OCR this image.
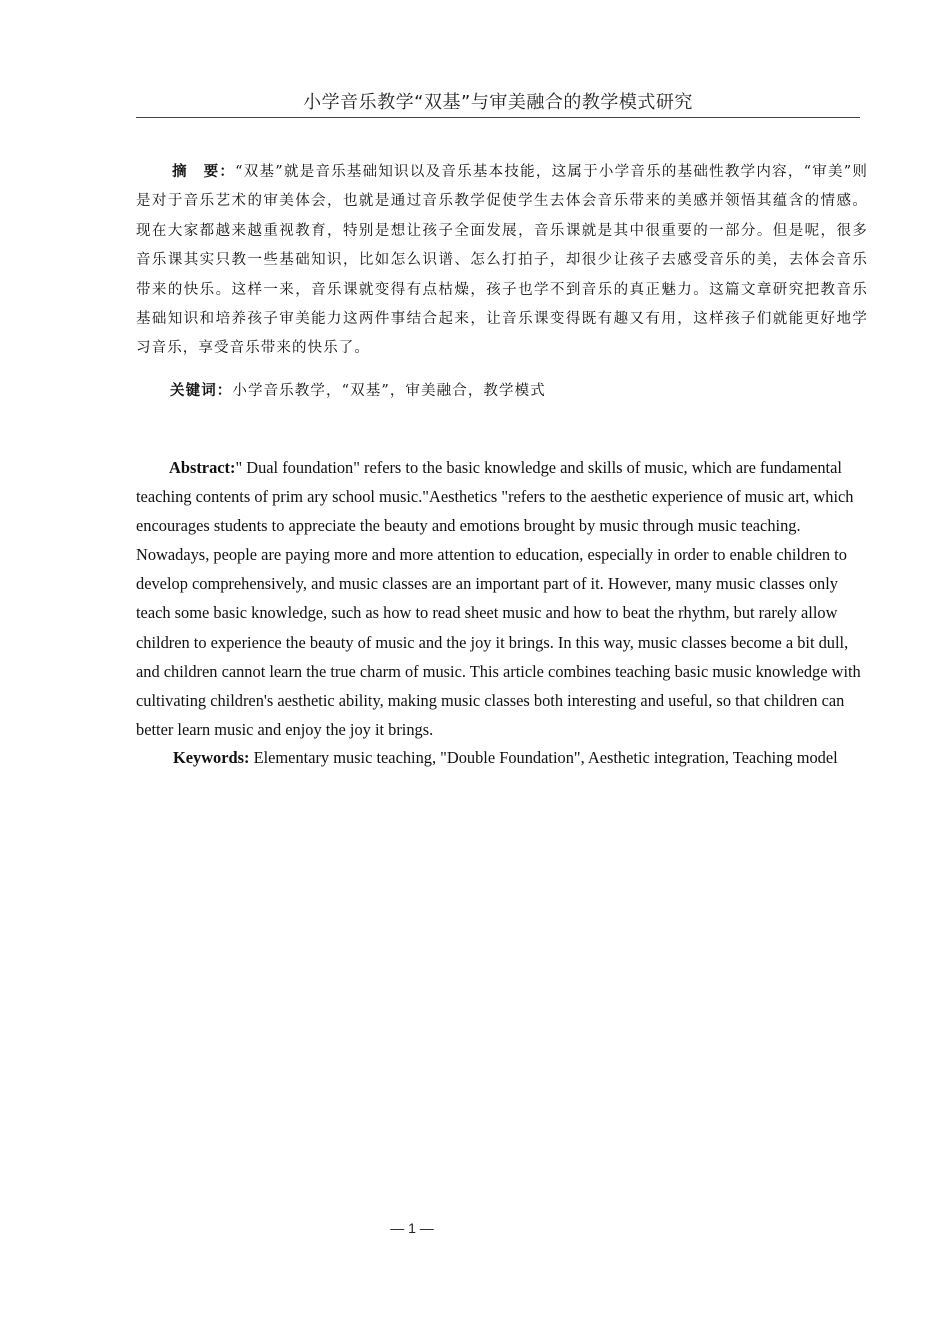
小学音乐教学“双基”与审美融合的教学模式研究

摘　要：“双基”就是音乐基础知识以及音乐基本技能，这属于小学音乐的基础性教学内容，“审美”则是对于音乐艺术的审美体会，也就是通过音乐教学促使学生去体会音乐带来的美感并领悟其蕴含的情感。现在大家都越来越重视教育，特别是想让孩子全面发展，音乐课就是其中很重要的一部分。但是呢，很多音乐课其实只教一些基础知识，比如怎么识谱、怎么打拍子，却很少让孩子去感受音乐的美，去体会音乐带来的快乐。这样一来，音乐课就变得有点枯燥，孩子也学不到音乐的真正魅力。这篇文章研究把教音乐基础知识和培养孩子审美能力这两件事结合起来，让音乐课变得既有趣又有用，这样孩子们就能更好地学习音乐，享受音乐带来的快乐了。

关键词：小学音乐教学，“双基”，审美融合，教学模式

Abstract:" Dual foundation" refers to the basic knowledge and skills of music, which are fundamental teaching contents of prim ary school music."Aesthetics "refers to the aesthetic experience of music art, which encourages students to appreciate the beauty and emotions brought by music through music teaching. Nowadays, people are paying more and more attention to education, especially in order to enable children to develop comprehensively, and music classes are an important part of it. However, many music classes only teach some basic knowledge, such as how to read sheet music and how to beat the rhythm, but rarely allow children to experience the beauty of music and the joy it brings. In this way, music classes become a bit dull, and children cannot learn the true charm of music. This article combines teaching basic music knowledge with cultivating children's aesthetic ability, making music classes both interesting and useful, so that children can better learn music and enjoy the joy it brings.

Keywords: Elementary music teaching, "Double Foundation", Aesthetic integration, Teaching model

— 1 —
